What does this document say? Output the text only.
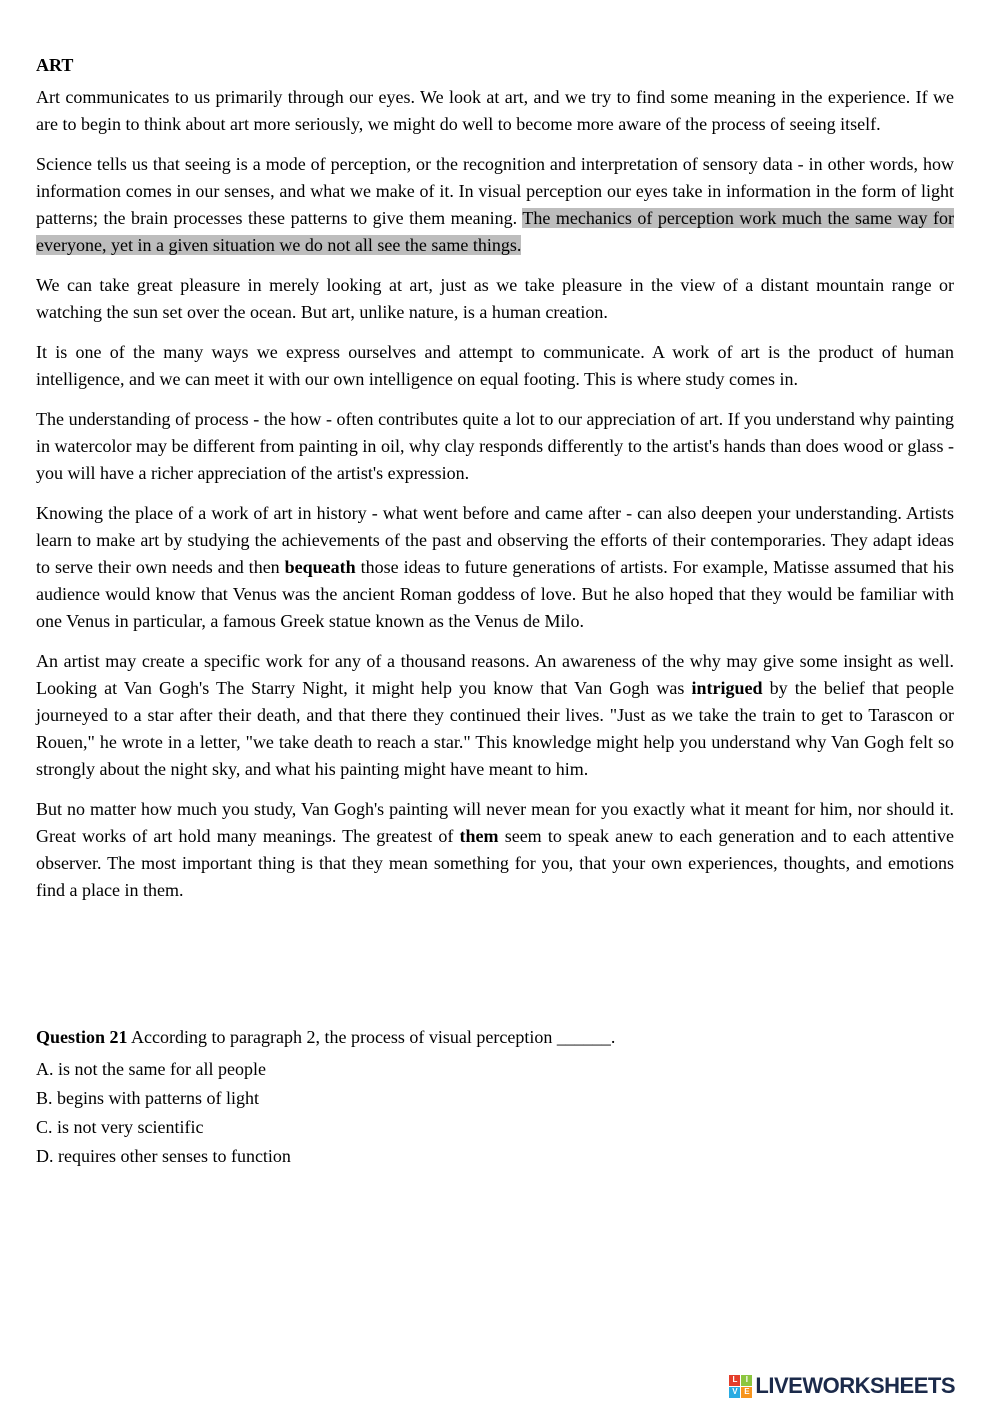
ART

Art communicates to us primarily through our eyes. We look at art, and we try to find some meaning in the experience. If we are to begin to think about art more seriously, we might do well to become more aware of the process of seeing itself.

Science tells us that seeing is a mode of perception, or the recognition and interpretation of sensory data - in other words, how information comes in our senses, and what we make of it. In visual perception our eyes take in information in the form of light patterns; the brain processes these patterns to give them meaning. The mechanics of perception work much the same way for everyone, yet in a given situation we do not all see the same things.

We can take great pleasure in merely looking at art, just as we take pleasure in the view of a distant mountain range or watching the sun set over the ocean. But art, unlike nature, is a human creation.

It is one of the many ways we express ourselves and attempt to communicate. A work of art is the product of human intelligence, and we can meet it with our own intelligence on equal footing. This is where study comes in.

The understanding of process - the how - often contributes quite a lot to our appreciation of art. If you understand why painting in watercolor may be different from painting in oil, why clay responds differently to the artist's hands than does wood or glass - you will have a richer appreciation of the artist's expression.

Knowing the place of a work of art in history - what went before and came after - can also deepen your understanding. Artists learn to make art by studying the achievements of the past and observing the efforts of their contemporaries. They adapt ideas to serve their own needs and then bequeath those ideas to future generations of artists. For example, Matisse assumed that his audience would know that Venus was the ancient Roman goddess of love. But he also hoped that they would be familiar with one Venus in particular, a famous Greek statue known as the Venus de Milo.

An artist may create a specific work for any of a thousand reasons. An awareness of the why may give some insight as well. Looking at Van Gogh's The Starry Night, it might help you know that Van Gogh was intrigued by the belief that people journeyed to a star after their death, and that there they continued their lives. "Just as we take the train to get to Tarascon or Rouen," he wrote in a letter, "we take death to reach a star." This knowledge might help you understand why Van Gogh felt so strongly about the night sky, and what his painting might have meant to him.

But no matter how much you study, Van Gogh's painting will never mean for you exactly what it meant for him, nor should it. Great works of art hold many meanings. The greatest of them seem to speak anew to each generation and to each attentive observer. The most important thing is that they mean something for you, that your own experiences, thoughts, and emotions find a place in them.

Question 21 According to paragraph 2, the process of visual perception ______.

A. is not the same for all people
B. begins with patterns of light
C. is not very scientific
D. requires other senses to function
L	I
V E LIVEWORKSHEETS
